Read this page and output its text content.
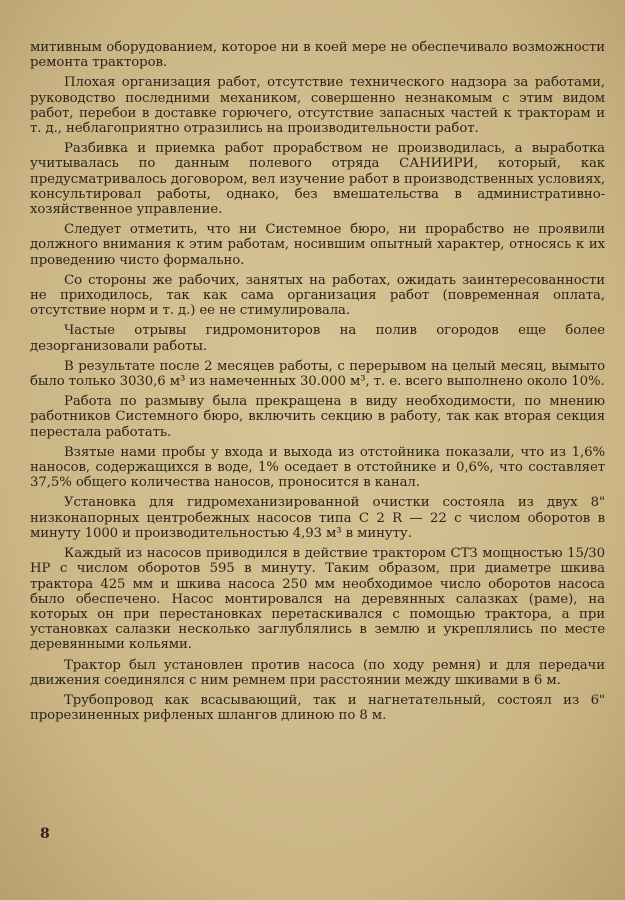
митивным оборудованием, которое ни в коей мере не обеспечивало возможности ремонта тракторов.

Плохая организация работ, отсутствие технического надзора за работами, руководство последними механиком, совершенно незнакомым с этим видом работ, перебои в доставке горючего, отсутствие запасных частей к тракторам и т. д., неблагоприятно отразились на производительности работ.

Разбивка и приемка работ прорабством не производилась, а выработка учитывалась по данным полевого отряда САНИИРИ, который, как предусматривалось договором, вел изучение работ в производственных условиях, консультировал работы, однако, без вмешательства в административно-хозяйственное управление.

Следует отметить, что ни Системное бюро, ни прорабство не проявили должного внимания к этим работам, носившим опытный характер, относясь к их проведению чисто формально.

Со стороны же рабочих, занятых на работах, ожидать заинтересованности не приходилось, так как сама организация работ (повременная оплата, отсутствие норм и т. д.) ее не стимулировала.

Частые отрывы гидромониторов на полив огородов еще более дезорганизовали работы.

В результате после 2 месяцев работы, с перерывом на целый месяц, вымыто было только 3030,6 м³ из намеченных 30.000 м³, т. е. всего выполнено около 10%.

Работа по размыву была прекращена в виду необходимости, по мнению работников Системного бюро, включить секцию в работу, так как вторая секция перестала работать.

Взятые нами пробы у входа и выхода из отстойника показали, что из 1,6% наносов, содержащихся в воде, 1% оседает в отстойнике и 0,6%, что составляет 37,5% общего количества наносов, проносится в канал.

Установка для гидромеханизированной очистки состояла из двух 8" низконапорных центробежных насосов типа С 2 R — 22 с числом оборотов в минуту 1000 и производительностью 4,93 м³ в минуту.

Каждый из насосов приводился в действие трактором СТЗ мощностью 15/30 HP с числом оборотов 595 в минуту. Таким образом, при диаметре шкива трактора 425 мм и шкива насоса 250 мм необходимое число оборотов насоса было обеспечено. Насос монтировался на деревянных салазках (раме), на которых он при перестановках перетаскивался с помощью трактора, а при установках салазки несколько заглублялись в землю и укреплялись по месте деревянными кольями.

Трактор был установлен против насоса (по ходу ремня) и для передачи движения соединялся с ним ремнем при расстоянии между шкивами в 6 м.

Трубопровод как всасывающий, так и нагнетательный, состоял из 6" прорезиненных рифленых шлангов длиною по 8 м.

8
